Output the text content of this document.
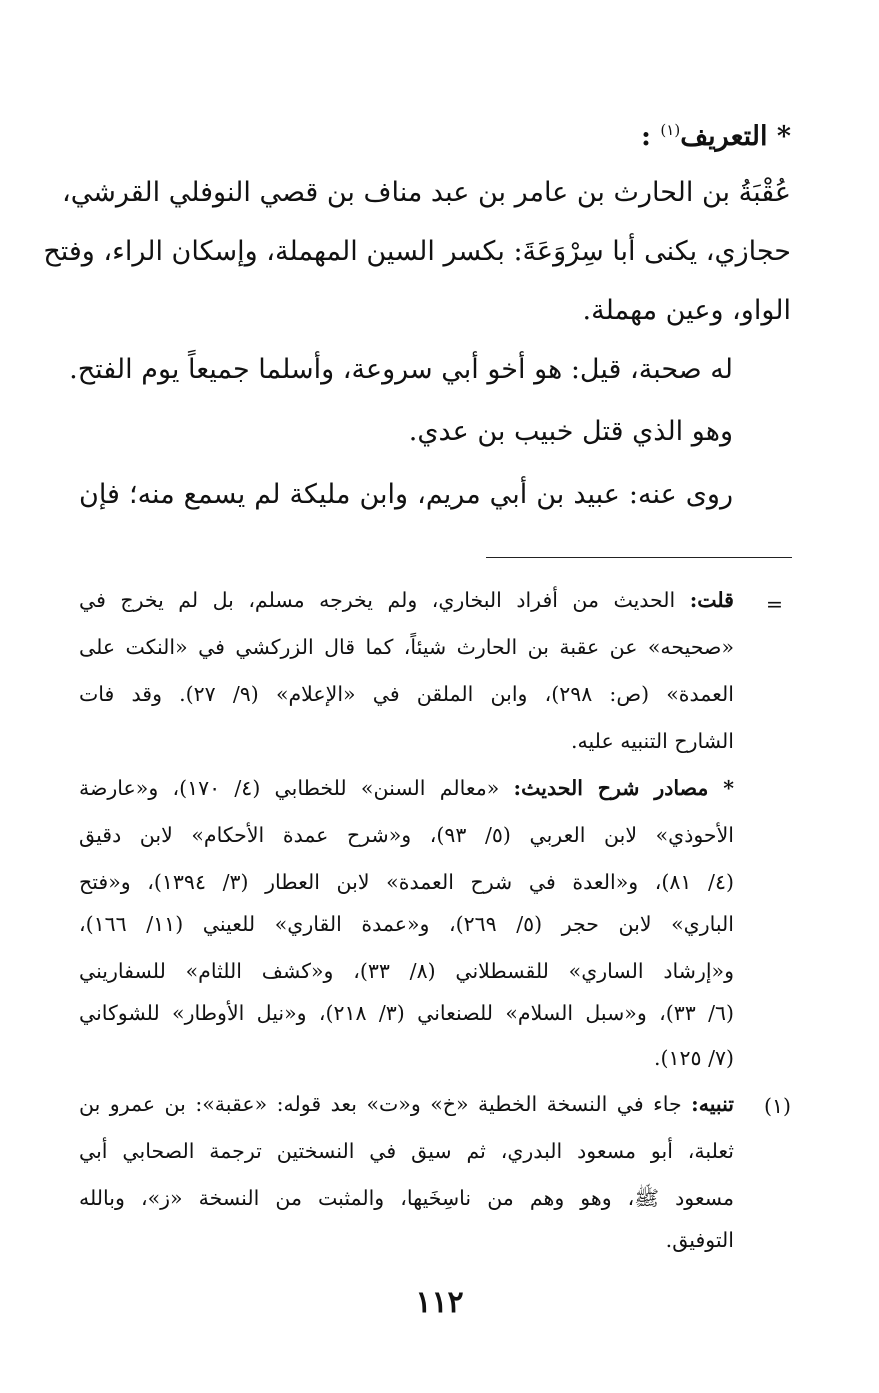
* التعريف$^{(١)}$ :
عُقْبَةُ بن الحارث بن عامر بن عبد مناف بن قصي النوفلي القرشي،
حجازي، يكنى أبا سِرْوَعَةَ: بكسر السين المهملة، وإسكان الراء، وفتح
الواو، وعين مهملة.
له صحبة، قيل: هو أخو أبي سروعة، وأسلما جميعاً يوم الفتح.
وهو الذي قتل خبيب بن عدي.
روى عنه: عبيد بن أبي مريم، وابن مليكة لم يسمع منه؛ فإن
=
قلت: الحديث من أفراد البخاري، ولم يخرجه مسلم، بل لم يخرج في
«صحيحه» عن عقبة بن الحارث شيئاً، كما قال الزركشي في «النكت على
العمدة» (ص: ٢٩٨)، وابن الملقن في «الإعلام» (٩/ ٢٧). وقد فات
الشارح التنبيه عليه.
* مصادر شرح الحديث: «معالم السنن» للخطابي (٤/ ١٧٠)، و«عارضة
الأحوذي» لابن العربي (٥/ ٩٣)، و«شرح عمدة الأحكام» لابن دقيق
(٤/ ٨١)، و«العدة في شرح العمدة» لابن العطار (٣/ ١٣٩٤)، و«فتح
الباري» لابن حجر (٥/ ٢٦٩)، و«عمدة القاري» للعيني (١١/ ١٦٦)،
و«إرشاد الساري» للقسطلاني (٨/ ٣٣)، و«كشف اللثام» للسفاريني
(٦/ ٣٣)، و«سبل السلام» للصنعاني (٣/ ٢١٨)، و«نيل الأوطار» للشوكاني
(٧/ ١٢٥).
(١)
تنبيه: جاء في النسخة الخطية «خ» و«ت» بعد قوله: «عقبة»: بن عمرو بن
ثعلبة، أبو مسعود البدري، ثم سيق في النسختين ترجمة الصحابي أبي
مسعود ﷺ، وهو وهم من ناسِخَيها، والمثبت من النسخة «ز»، وبالله
التوفيق.
١١٢
